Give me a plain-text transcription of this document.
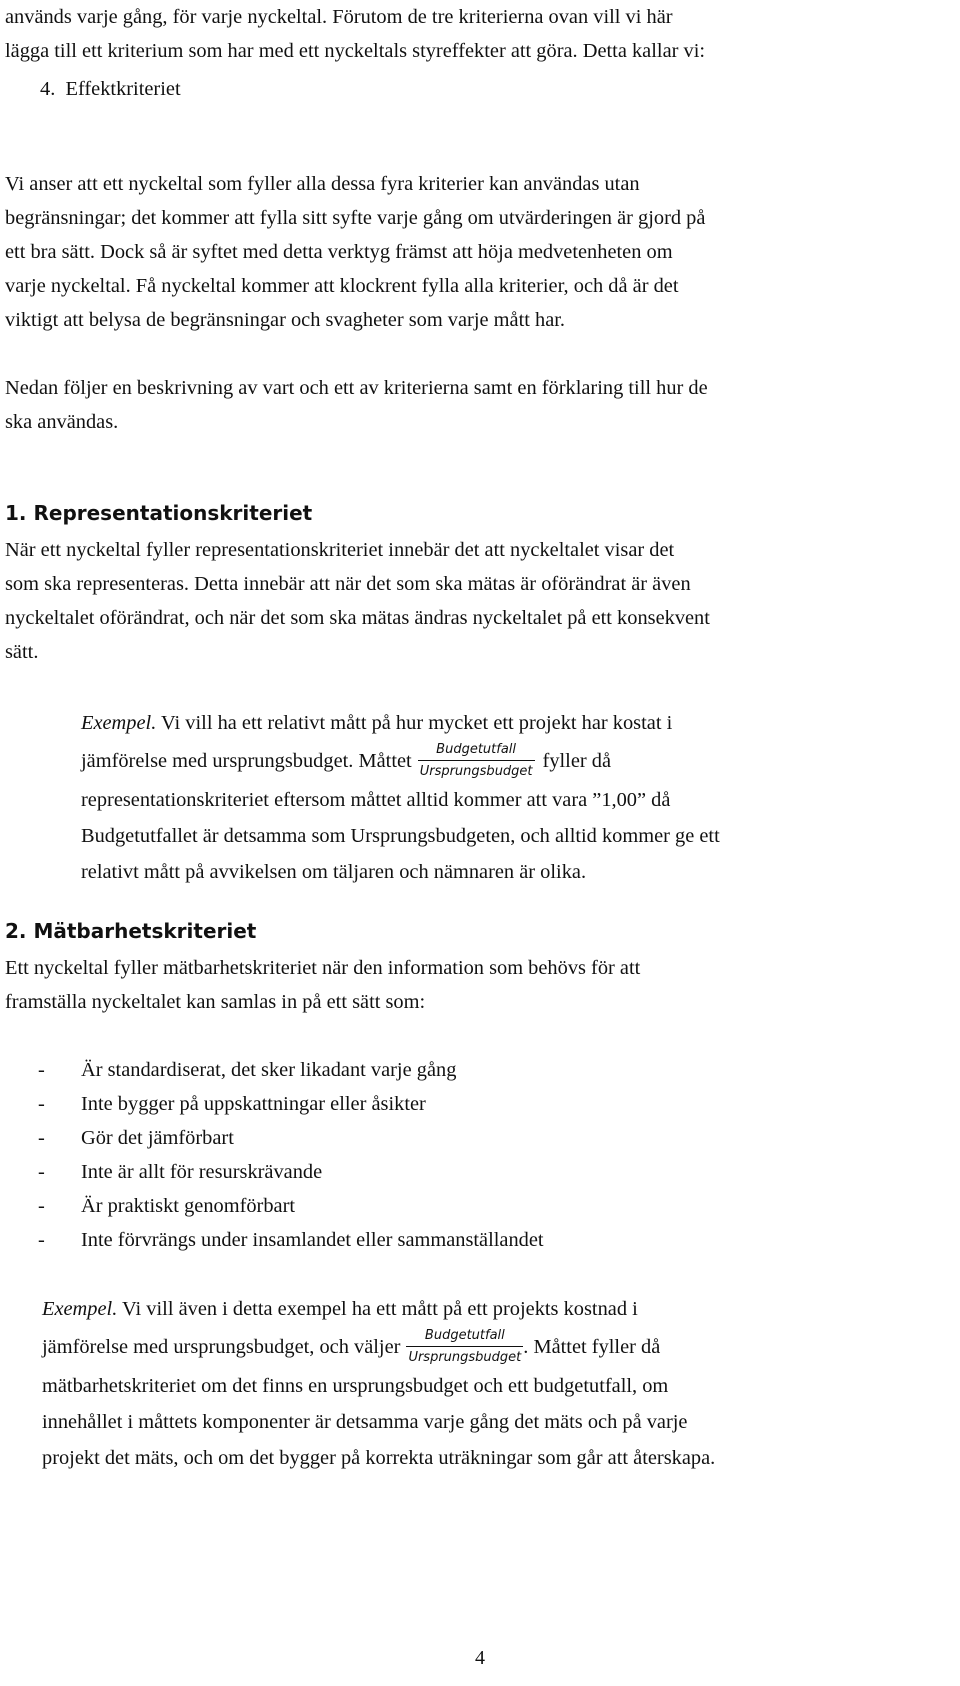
används varje gång, för varje nyckeltal. Förutom de tre kriterierna ovan vill vi här

lägga till ett kriterium som har med ett nyckeltals styreffekter att göra. Detta kallar vi:

4.  Effektkriteriet

Vi anser att ett nyckeltal som fyller alla dessa fyra kriterier kan användas utan

begränsningar; det kommer att fylla sitt syfte varje gång om utvärderingen är gjord på

ett bra sätt. Dock så är syftet med detta verktyg främst att höja medvetenheten om

varje nyckeltal. Få nyckeltal kommer att klockrent fylla alla kriterier, och då är det

viktigt att belysa de begränsningar och svagheter som varje mått har.

Nedan följer en beskrivning av vart och ett av kriterierna samt en förklaring till hur de

ska användas.

1. Representationskriteriet

När ett nyckeltal fyller representationskriteriet innebär det att nyckeltalet visar det

som ska representeras. Detta innebär att när det som ska mätas är oförändrat är även

nyckeltalet oförändrat, och när det som ska mätas ändras nyckeltalet på ett konsekvent

sätt.

Exempel. Vi vill ha ett relativt mått på hur mycket ett projekt har kostat i

jämförelse med ursprungsbudget. Måttet $\frac{\text{Budgetutfall}}{\text{Ursprungsbudget}}$ fyller då

representationskriteriet eftersom måttet alltid kommer att vara ”1,00” då

Budgetutfallet är detsamma som Ursprungsbudgeten, och alltid kommer ge ett

relativt mått på avvikelsen om täljaren och nämnaren är olika.

2. Mätbarhetskriteriet

Ett nyckeltal fyller mätbarhetskriteriet när den information som behövs för att

framställa nyckeltalet kan samlas in på ett sätt som:

- Är standardiserat, det sker likadant varje gång
- Inte bygger på uppskattningar eller åsikter
- Gör det jämförbart
- Inte är allt för resurskrävande
- Är praktiskt genomförbart
- Inte förvrängs under insamlandet eller sammanställandet

Exempel. Vi vill även i detta exempel ha ett mått på ett projekts kostnad i

jämförelse med ursprungsbudget, och väljer $\frac{\text{Budgetutfall}}{\text{Ursprungsbudget}}$ . Måttet fyller då

mätbarhetskriteriet om det finns en ursprungsbudget och ett budgetutfall, om

innehållet i måttets komponenter är detsamma varje gång det mäts och på varje

projekt det mäts, och om det bygger på korrekta uträkningar som går att återskapa.

4
